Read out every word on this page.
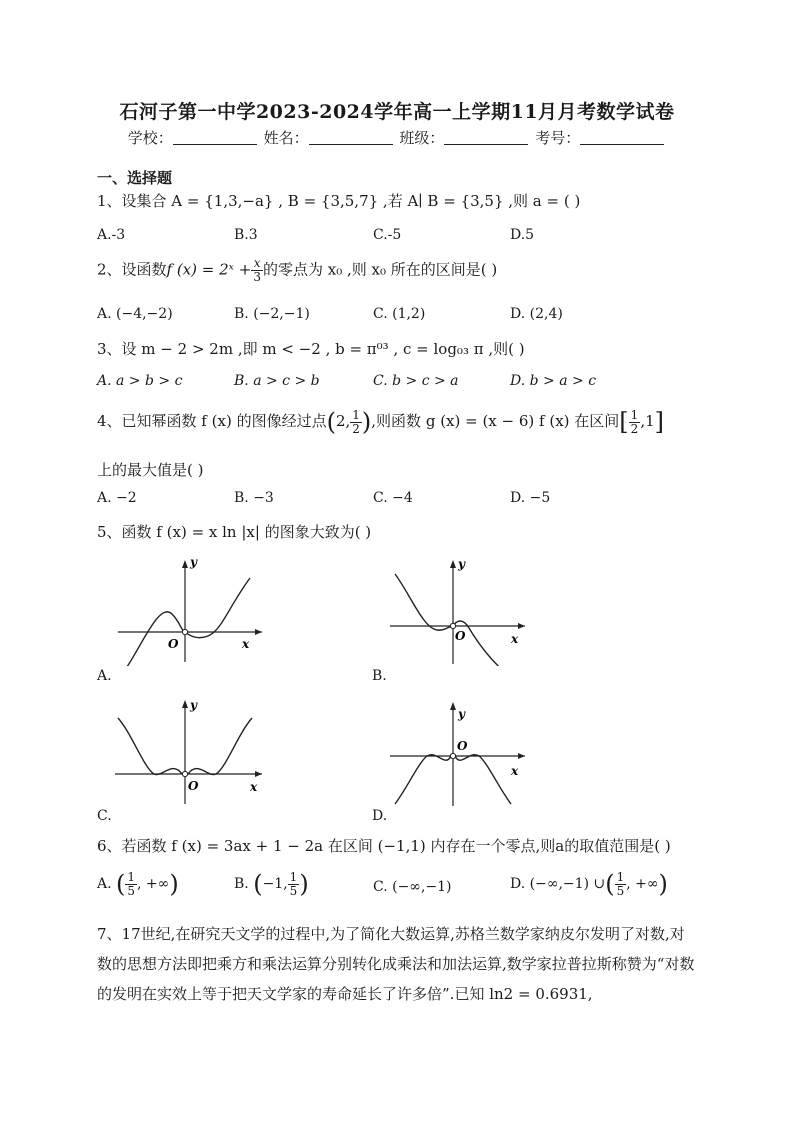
石河子第一中学2023-2024学年高一上学期11月月考数学试卷
学校：	姓名：	班级：	考号：
一、选择题
1、设集合 A = {1,3,−a} , B = {3,5,7} ,若 A∣ B = {3,5} ,则 a = ( )
A.-3	B.3	C.-5	D.5
2、设函数f (x) = 2ˣ + $\frac{x}{3}$ 的零点为 x₀ ,则 x₀ 所在的区间是( )
A. (−4,−2)	B. (−2,−1)	C. (1,2)	D. (2,4)
3、设 m − 2 > 2m ,即 m < −2 , b = π⁰³ , c = log₀₃ π ,则( )
A. a > b > c	B. a > c > b	C. b > c > a	D. b > a > c
4、已知幂函数 f (x) 的图像经过点(2, $\frac{1}{2}$ ),则函数 g (x) = (x − 6) f (x) 在区间[ $\frac{1}{2} ,1$]
上的最大值是( )
A. −2	B. −3	C. −4	D. −5
5、函数 f (x) = x ln |x| 的图象大致为( )
y
x
O
A.
y
x
O
B.
y
x
O
C.
y
x
O
D.
6、若函数 f (x) = 3ax + 1 − 2a 在区间 (−1,1) 内存在一个零点,则a的取值范围是( )
A. ( $\frac{1}{5}$ , +∞)	B. (−1, $\frac{1}{5}$ )	C. (−∞,−1)	D. (−∞,−1) ∪( $\frac{1}{5}$ , +∞)
7、17世纪,在研究天文学的过程中,为了简化大数运算,苏格兰数学家纳皮尔发明了对数,对数的思想方法即把乘方和乘法运算分别转化成乘法和加法运算,数学家拉普拉斯称赞为“对数的发明在实效上等于把天文学家的寿命延长了许多倍”.已知 ln2 = 0.6931,
